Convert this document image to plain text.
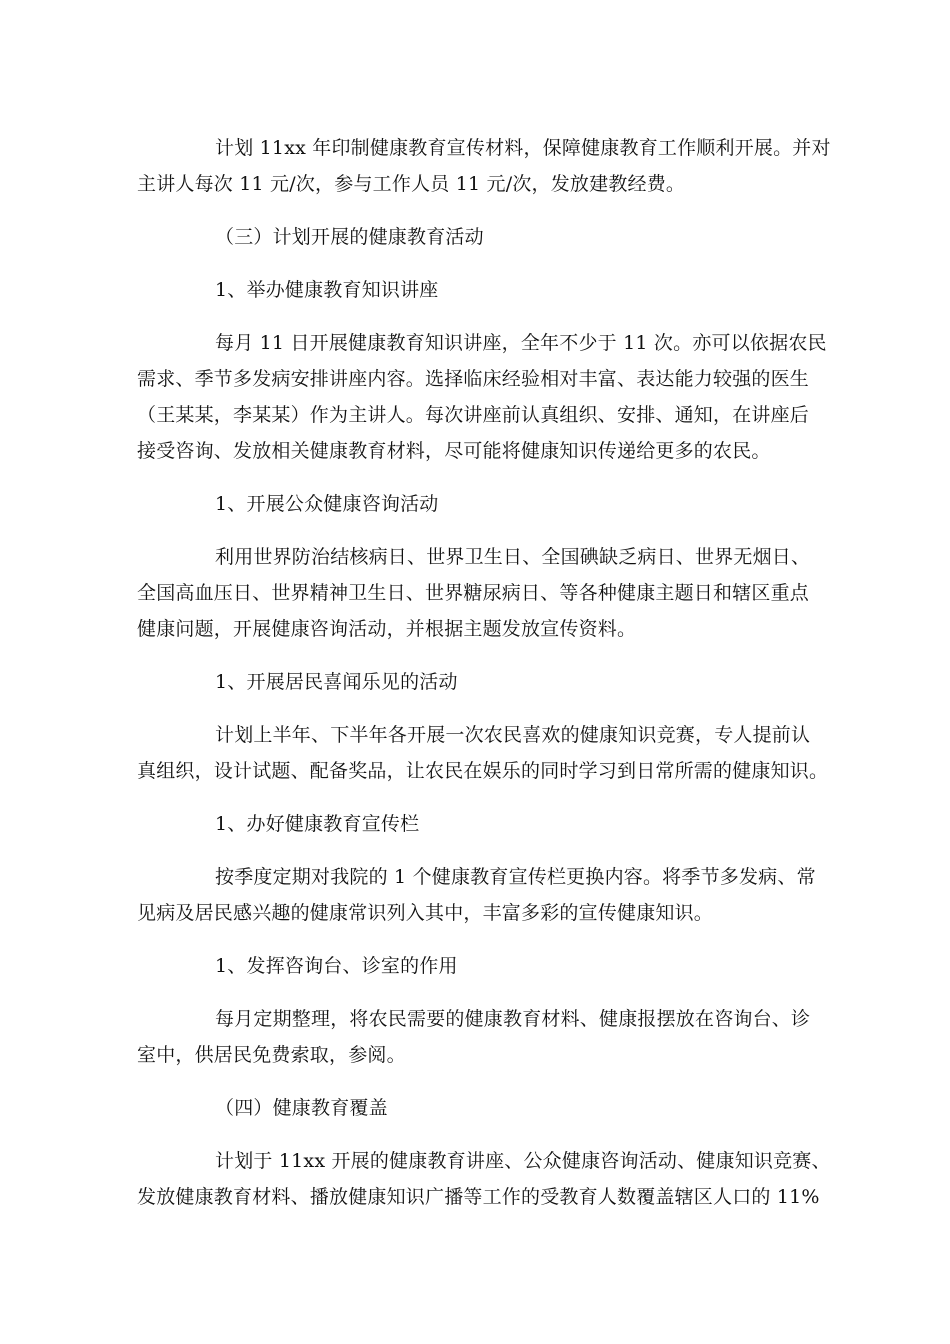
计划 11xx 年印制健康教育宣传材料，保障健康教育工作顺利开展。并对
主讲人每次 11 元/次，参与工作人员 11 元/次，发放建教经费。

（三）计划开展的健康教育活动
1、举办健康教育知识讲座

每月 11 日开展健康教育知识讲座，全年不少于 11 次。亦可以依据农民
需求、季节多发病安排讲座内容。选择临床经验相对丰富、表达能力较强的医生
（王某某，李某某）作为主讲人。每次讲座前认真组织、安排、通知，在讲座后
接受咨询、发放相关健康教育材料，尽可能将健康知识传递给更多的农民。

1、开展公众健康咨询活动

利用世界防治结核病日、世界卫生日、全国碘缺乏病日、世界无烟日、
全国高血压日、世界精神卫生日、世界糖尿病日、等各种健康主题日和辖区重点
健康问题，开展健康咨询活动，并根据主题发放宣传资料。

1、开展居民喜闻乐见的活动

计划上半年、下半年各开展一次农民喜欢的健康知识竞赛，专人提前认
真组织，设计试题、配备奖品，让农民在娱乐的同时学习到日常所需的健康知识。

1、办好健康教育宣传栏

按季度定期对我院的 1 个健康教育宣传栏更换内容。将季节多发病、常
见病及居民感兴趣的健康常识列入其中，丰富多彩的宣传健康知识。

1、发挥咨询台、诊室的作用

每月定期整理，将农民需要的健康教育材料、健康报摆放在咨询台、诊
室中，供居民免费索取，参阅。

（四）健康教育覆盖

计划于 11xx 开展的健康教育讲座、公众健康咨询活动、健康知识竞赛、
发放健康教育材料、播放健康知识广播等工作的受教育人数覆盖辖区人口的 11%
